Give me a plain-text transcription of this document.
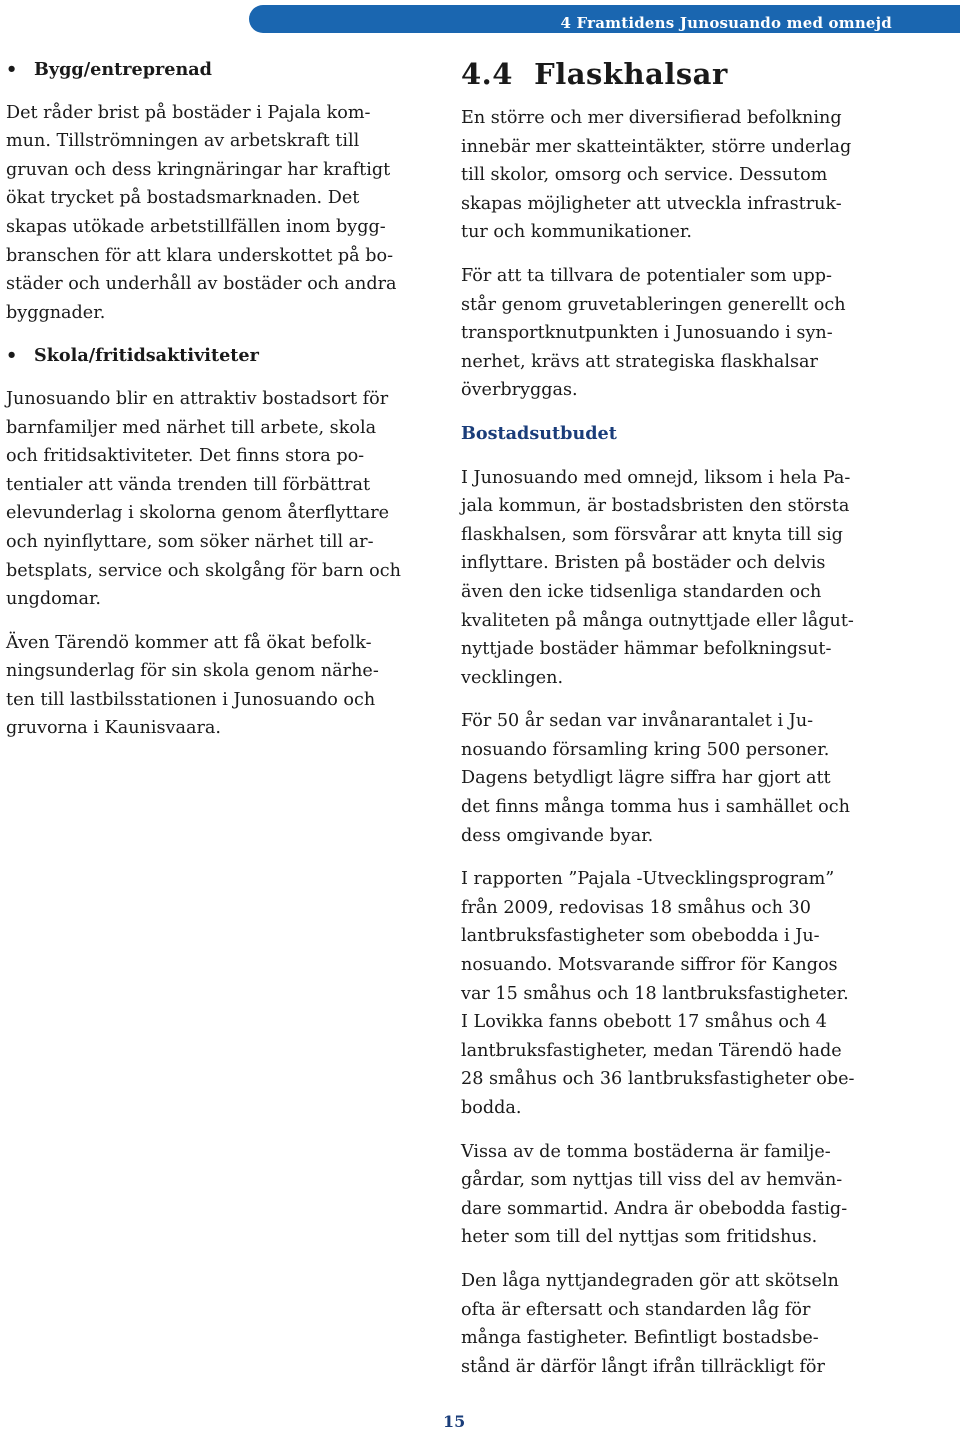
4 Framtidens Junosuando med omnejd
• Bygg/entreprenad

Det råder brist på bostäder i Pajala kom-
mun. Tillströmningen av arbetskraft till
gruvan och dess kringnäringar har kraftigt
ökat trycket på bostadsmarknaden. Det
skapas utökade arbetstillfällen inom bygg-
branschen för att klara underskottet på bo-
städer och underhåll av bostäder och andra
byggnader.

• Skola/fritidsaktiviteter

Junosuando blir en attraktiv bostadsort för
barnfamiljer med närhet till arbete, skola
och fritidsaktiviteter. Det finns stora po-
tentialer att vända trenden till förbättrat
elevunderlag i skolorna genom återflyttare
och nyinflyttare, som söker närhet till ar-
betsplats, service och skolgång för barn och
ungdomar.

Även Tärendö kommer att få ökat befolk-
ningsunderlag för sin skola genom närhe-
ten till lastbilsstationen i Junosuando och
gruvorna i Kaunisvaara.

4.4  Flaskhalsar

En större och mer diversifierad befolkning
innebär mer skatteintäkter, större underlag
till skolor, omsorg och service. Dessutom
skapas möjligheter att utveckla infrastruk-
tur och kommunikationer.

För att ta tillvara de potentialer som upp-
står genom gruvetableringen generellt och
transportknutpunkten i Junosuando i syn-
nerhet, krävs att strategiska flaskhalsar
överbryggas.

Bostadsutbudet

I Junosuando med omnejd, liksom i hela Pa-
jala kommun, är bostadsbristen den största
flaskhalsen, som försvårar att knyta till sig
inflyttare. Bristen på bostäder och delvis
även den icke tidsenliga standarden och
kvaliteten på många outnyttjade eller lågut-
nyttjade bostäder hämmar befolkningsut-
vecklingen.

För 50 år sedan var invånarantalet i Ju-
nosuando församling kring 500 personer.
Dagens betydligt lägre siffra har gjort att
det finns många tomma hus i samhället och
dess omgivande byar.

I rapporten ”Pajala -Utvecklingsprogram”
från 2009, redovisas 18 småhus och 30
lantbruksfastigheter som obebodda i Ju-
nosuando. Motsvarande siffror för Kangos
var 15 småhus och 18 lantbruksfastigheter.
I Lovikka fanns obebott 17 småhus och 4
lantbruksfastigheter, medan Tärendö hade
28 småhus och 36 lantbruksfastigheter obe-
bodda.

Vissa av de tomma bostäderna är familje-
gårdar, som nyttjas till viss del av hemvän-
dare sommartid. Andra är obebodda fastig-
heter som till del nyttjas som fritidshus.

Den låga nyttjandegraden gör att skötseln
ofta är eftersatt och standarden låg för
många fastigheter. Befintligt bostadsbe-
stånd är därför långt ifrån tillräckligt för

15
